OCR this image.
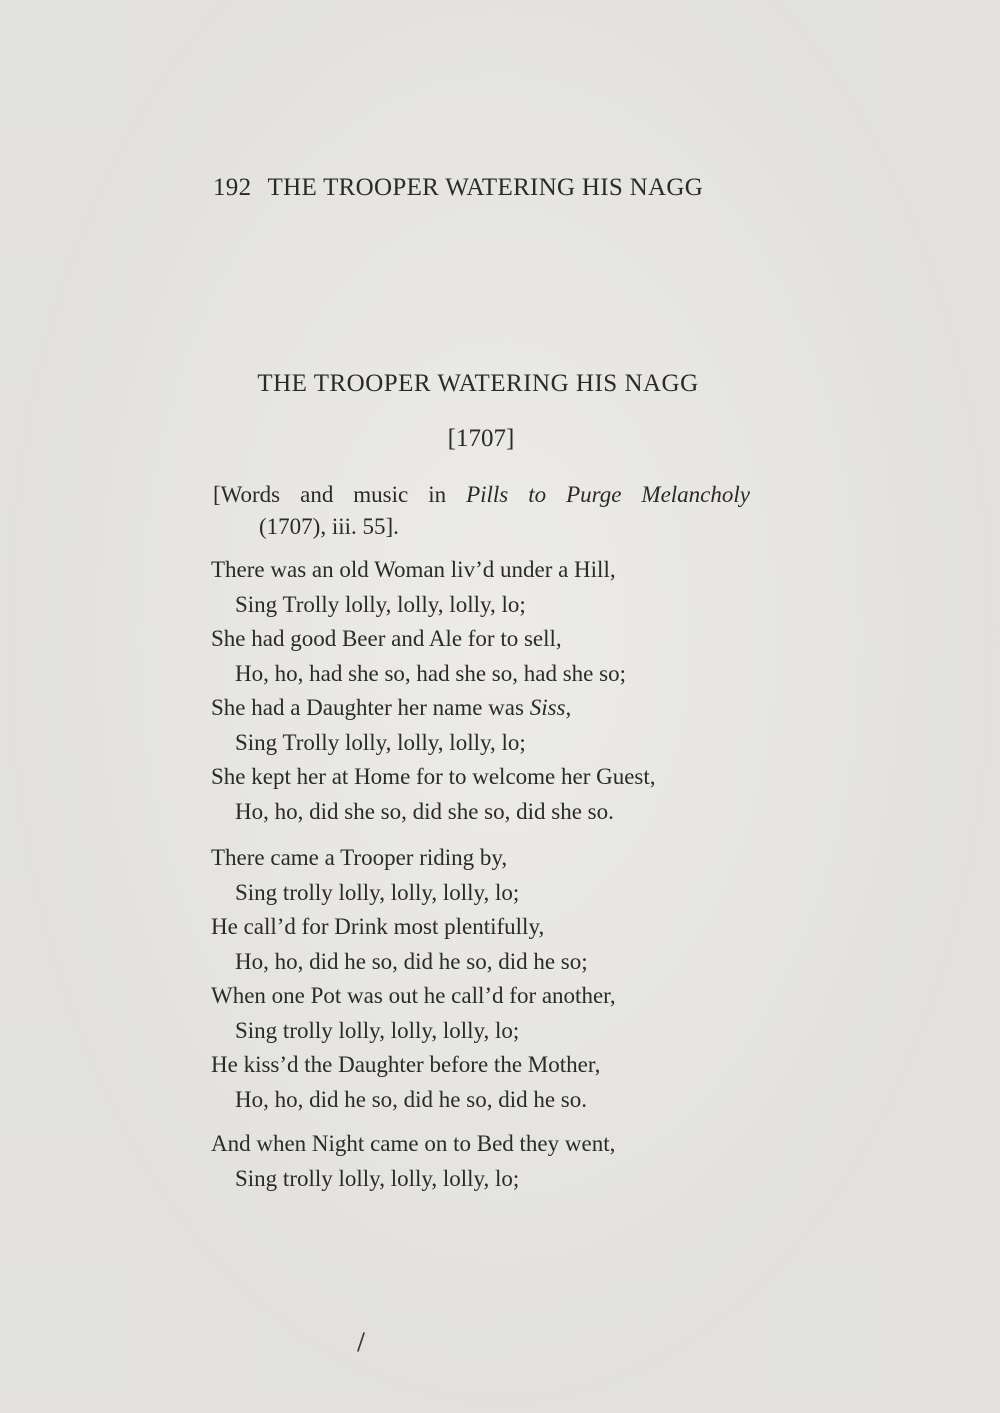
192 THE TROOPER WATERING HIS NAGG
THE TROOPER WATERING HIS NAGG
[1707]
[Words and music in Pills to Purge Melancholy
(1707), iii. 55].
There was an old Woman liv’d under a Hill,
Sing Trolly lolly, lolly, lolly, lo;
She had good Beer and Ale for to sell,
Ho, ho, had she so, had she so, had she so;
She had a Daughter her name was Siss,
Sing Trolly lolly, lolly, lolly, lo;
She kept her at Home for to welcome her Guest,
Ho, ho, did she so, did she so, did she so.
There came a Trooper riding by,
Sing trolly lolly, lolly, lolly, lo;
He call’d for Drink most plentifully,
Ho, ho, did he so, did he so, did he so;
When one Pot was out he call’d for another,
Sing trolly lolly, lolly, lolly, lo;
He kiss’d the Daughter before the Mother,
Ho, ho, did he so, did he so, did he so.
And when Night came on to Bed they went,
Sing trolly lolly, lolly, lolly, lo;
